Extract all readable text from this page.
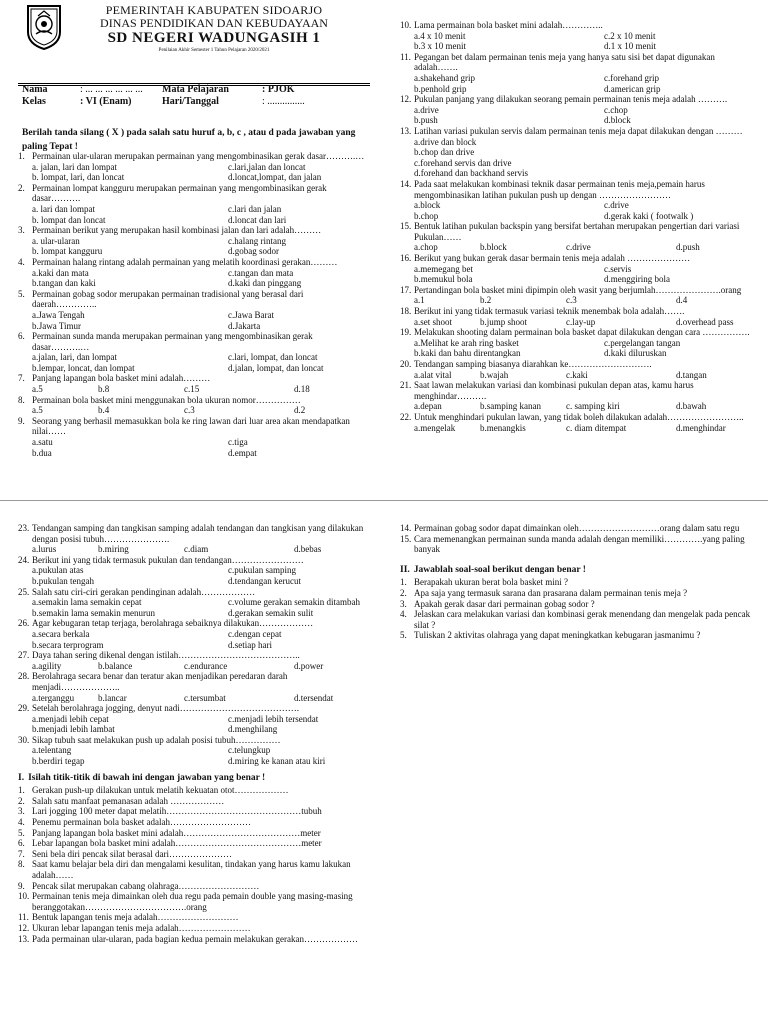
PEMERINTAH KABUPATEN SIDOARJO
DINAS PENDIDIKAN DAN KEBUDAYAAN
SD NEGERI WADUNGASIH 1
Penilaian Akhir Semester 1 Tahun Pelajaran 2020/2021
Nama	: ... ... ... ... ... ... Mata Pelajaran	: PJOK
Kelas	: VI (Enam)	Hari/Tanggal	: ...............
Berilah tanda silang ( X ) pada salah satu huruf a, b, c , atau d pada jawaban yang paling Tepat !
1. Permainan ular-ularan merupakan permainan yang mengombinasikan gerak dasar……….…
a. jalan, lari dan lompat	c.lari,jalan dan loncat
b. lompat, lari, dan loncat	d.loncat,lompat, dan jalan
2. Permainan lompat kangguru merupakan permainan yang mengombinasikan gerak dasar……….
a. lari dan lompat	c.lari dan jalan
b. lompat dan loncat	d.loncat dan lari
3. Permainan berikut yang merupakan hasil kombinasi jalan dan lari adalah………
a. ular-ularan	c.halang rintang
b. lompat kangguru	d.gobag sodor
4. Permainan halang rintang adalah permainan yang melatih koordinasi gerakan………
a.kaki dan mata	c.tangan dan mata
b.tangan dan kaki	d.kaki dan pinggang
5. Permainan gobag sodor merupakan permainan tradisional yang berasal dari daerah…………..
a.Jawa Tengah	c.Jawa Barat
b.Jawa Timur	d.Jakarta
6. Permainan sunda manda merupakan permainan yang mengombinasikan gerak dasar……….…
a.jalan, lari, dan lompat	c.lari, lompat, dan loncat
b.lempar, loncat, dan lompat	d.jalan, lompat, dan loncat
7. Panjang lapangan bola basket mini adalah………
a.5	b.8	c.15	d.18
8. Permainan bola basket mini menggunakan bola ukuran nomor……………
a.5	b.4	c.3	d.2
9. Seorang yang berhasil memasukkan bola ke ring lawan dari luar area akan mendapatkan nilai……
a.satu	c.tiga
b.dua	d.empat
10. Lama permainan bola basket mini adalah…………..
a.4 x 10 menit	c.2 x 10 menit
b.3 x 10 menit	d.1 x 10 menit
11. Pegangan bet dalam permainan tenis meja yang hanya satu sisi bet dapat digunakan adalah…….
a.shakehand grip	c.forehand grip
b.penhold grip	d.american grip
12. Pukulan panjang yang dilakukan seorang pemain permainan tenis meja adalah ……….
a.drive	c.chop
b.push	d.block
13. Latihan variasi pukulan servis dalam permainan tenis meja dapat dilakukan dengan ………
a.drive dan block
b.chop dan drive
c.forehand servis dan drive
d.forehand dan backhand servis
14. Pada saat melakukan kombinasi teknik dasar permainan tenis meja,pemain harus mengombinasikan latihan pukulan push up dengan ……………………
a.block	c.drive
b.chop	d.gerak kaki ( footwalk )
15. Bentuk latihan pukulan backspin yang bersifat bertahan merupakan pengertian dari variasi Pukulan……
a.chop	b.block	c.drive	d.push
16. Berikut yang bukan gerak dasar bermain tenis meja adalah …………………
a.memegang bet	c.servis
b.memukul bola	d.menggiring bola
17. Pertandingan bola basket mini dipimpin oleh wasit yang berjumlah………………….orang
a.1	b.2	c.3	d.4
18. Berikut ini yang tidak termasuk variasi teknik menembak bola adalah…….
a.set shoot	b.jump shoot	c.lay-up	d.overhead pass
19. Melakukan shooting dalam permainan bola basket dapat dilakukan dengan cara …………….
a.Melihat ke arah ring basket	c.pergelangan tangan
b.kaki dan bahu direntangkan	d.kaki diluruskan
20. Tendangan samping biasanya diarahkan ke……………………….
a.alat vital	b.wajah	c.kaki	d.tangan
21. Saat lawan melakukan variasi dan kombinasi pukulan depan atas, kamu harus menghindar……….
a.depan	b.samping kanan	c. samping kiri	d.bawah
22. Untuk menghindari pukulan lawan, yang tidak boleh dilakukan adalah……………………..
a.mengelak	b.menangkis	c. diam ditempat	d.menghindar
23. Tendangan samping dan tangkisan samping adalah tendangan dan tangkisan yang dilakukan dengan posisi tubuh………………….
a.lurus	b.miring	c.diam	d.bebas
24. Berikut ini yang tidak termasuk pukulan dan tendangan……………………
a.pukulan atas	c.pukulan samping
b.pukulan tengah	d.tendangan kerucut
25. Salah satu ciri-ciri gerakan pendinginan adalah………………
a.semakin lama semakin cepat	c.volume gerakan semakin ditambah
b.semakin lama semakin menurun	d.gerakan semakin sulit
26. Agar kebugaran tetap terjaga, berolahraga sebaiknya dilakukan………………
a.secara berkala	c.dengan cepat
b.secara terprogram	d.setiap hari
27. Daya tahan sering dikenal dengan istilah…………………………………..
a.agility	b.balance	c.endurance	d.power
28. Berolahraga secara benar dan teratur akan menjadikan peredaran darah menjadi………………..
a.terganggu	b.lancar	c.tersumbat	d.tersendat
29. Setelah berolahraga jogging, denyut nadi………………………………….
a.menjadi lebih cepat	c.menjadi lebih tersendat
b.menjadi lebih lambat	d.menghilang
30. Sikap tubuh saat melakukan push up adalah posisi tubuh……………
a.telentang	c.telungkup
b.berdiri tegap	d.miring ke kanan atau kiri
I. Isilah titik-titik di bawah ini dengan jawaban yang benar !
1. Gerakan push-up dilakukan untuk melatih kekuatan otot………………
2. Salah satu manfaat pemanasan adalah ………………
3. Lari jogging 100 meter dapat melatih………………………………………tubuh
4. Penemu permainan bola basket adalah………………………
5. Panjang lapangan bola basket mini adalah…………………………………meter
6. Lebar lapangan bola basket mini adalah……………………………………meter
7. Seni bela diri pencak silat berasal dari…………………
8. Saat kamu belajar bela diri dan mengalami kesulitan, tindakan yang harus kamu lakukan adalah……
9. Pencak silat merupakan cabang olahraga………………………
10. Permainan tenis meja dimainkan oleh dua regu pada pemain double yang masing-masing beranggotakan…………………………….orang
11. Bentuk lapangan tenis meja adalah………………………
12. Ukuran lebar lapangan tenis meja adalah……………………
13. Pada permainan ular-ularan, pada bagian kedua pemain melakukan gerakan………………
14. Permainan gobag sodor dapat dimainkan oleh………………………orang dalam satu regu
15. Cara memenangkan permainan sunda manda adalah dengan memiliki………….yang paling banyak
II. Jawablah soal-soal berikut dengan benar !
1. Berapakah ukuran berat bola basket mini ?
2. Apa saja yang termasuk sarana dan prasarana dalam permainan tenis meja ?
3. Apakah gerak dasar dari permainan gobag sodor ?
4. Jelaskan cara melakukan variasi dan kombinasi gerak menendang dan mengelak pada pencak silat ?
5. Tuliskan 2 aktivitas olahraga yang dapat meningkatkan kebugaran jasmanimu ?
